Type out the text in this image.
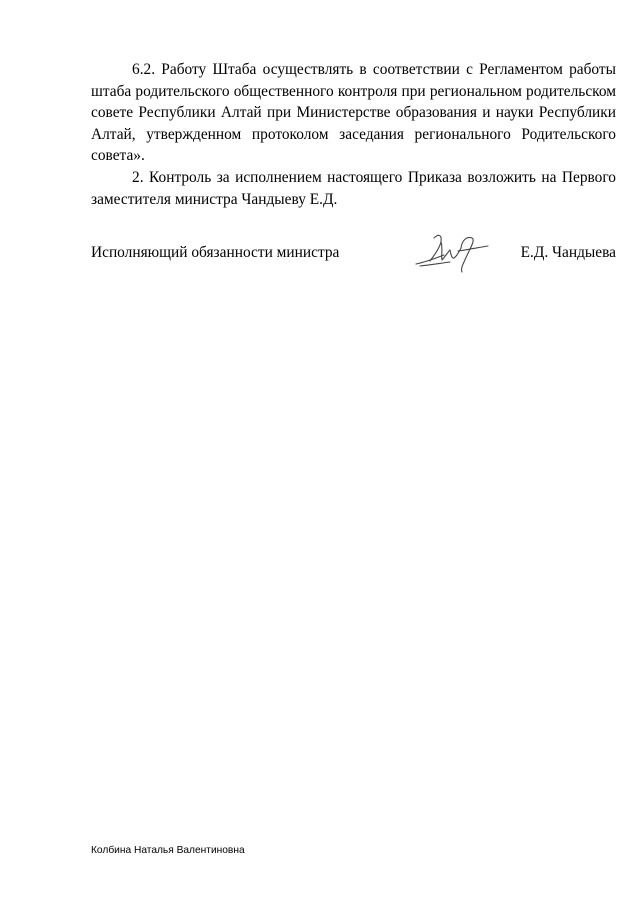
6.2. Работу Штаба осуществлять в соответствии с Регламентом работы штаба родительского общественного контроля при региональном родительском совете Республики Алтай при Министерстве образования и науки Республики Алтай, утвержденном протоколом заседания регионального Родительского совета».

2. Контроль за исполнением настоящего Приказа возложить на Первого заместителя министра Чандыеву Е.Д.

Исполняющий обязанности министра	Е.Д. Чандыева
Колбина Наталья Валентиновна
